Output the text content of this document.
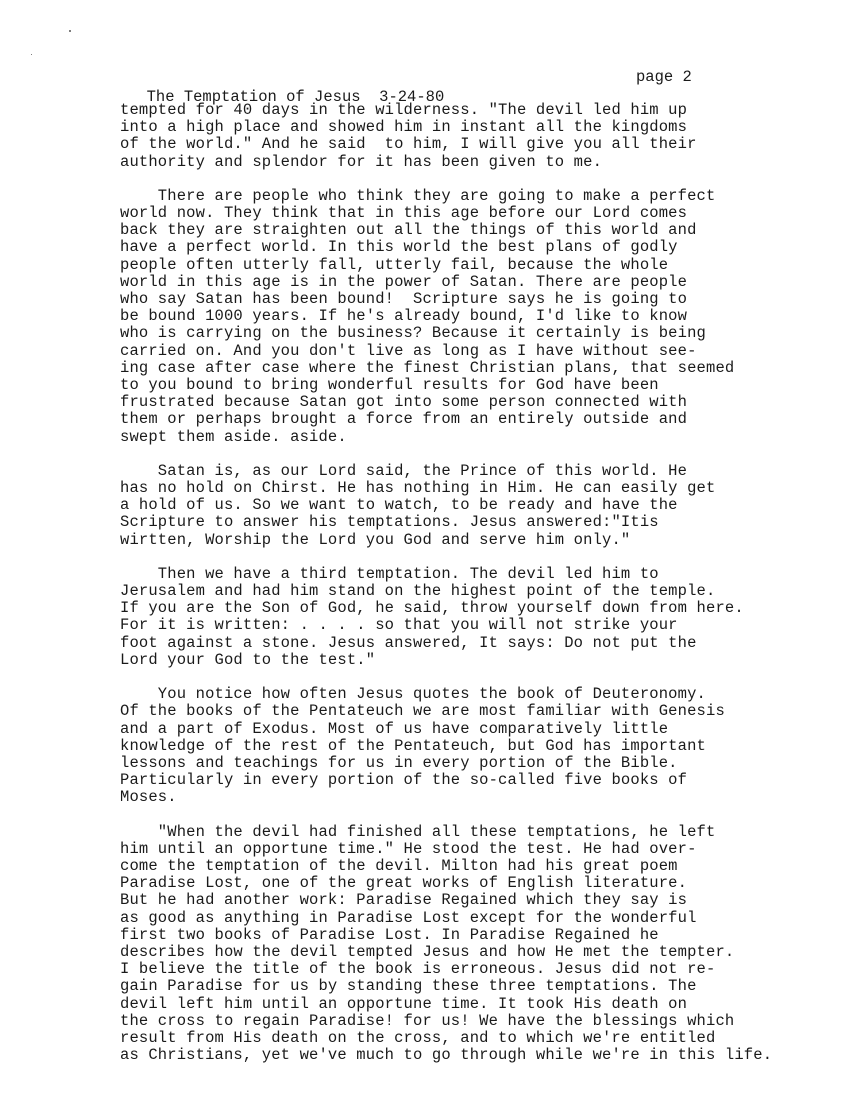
The Temptation of Jesus  3-24-80

page 2

tempted for 40 days in the wilderness. "The devil led him up
into a high place and showed him in instant all the kingdoms
of the world." And he said  to him, I will give you all their
authority and splendor for it has been given to me.
There are people who think they are going to make a perfect
world now. They think that in this age before our Lord comes
back they are straighten out all the things of this world and
have a perfect world. In this world the best plans of godly
people often utterly fall, utterly fail, because the whole
world in this age is in the power of Satan. There are people
who say Satan has been bound!  Scripture says he is going to
be bound 1000 years. If he's already bound, I'd like to know
who is carrying on the business? Because it certainly is being
carried on. And you don't live as long as I have without see-
ing case after case where the finest Christian plans, that seemed
to you bound to bring wonderful results for God have been
frustrated because Satan got into some person connected with
them or perhaps brought a force from an entirely outside and
swept them aside. aside.
Satan is, as our Lord said, the Prince of this world. He
has no hold on Chirst. He has nothing in Him. He can easily get
a hold of us. So we want to watch, to be ready and have the
Scripture to answer his temptations. Jesus answered:"Itis
wirtten, Worship the Lord you God and serve him only."
Then we have a third temptation. The devil led him to
Jerusalem and had him stand on the highest point of the temple.
If you are the Son of God, he said, throw yourself down from here.
For it is written: . . . . so that you will not strike your
foot against a stone. Jesus answered, It says: Do not put the
Lord your God to the test."
You notice how often Jesus quotes the book of Deuteronomy.
Of the books of the Pentateuch we are most familiar with Genesis
and a part of Exodus. Most of us have comparatively little
knowledge of the rest of the Pentateuch, but God has important
lessons and teachings for us in every portion of the Bible.
Particularly in every portion of the so-called five books of
Moses.
"When the devil had finished all these temptations, he left
him until an opportune time." He stood the test. He had over-
come the temptation of the devil. Milton had his great poem
Paradise Lost, one of the great works of English literature.
But he had another work: Paradise Regained which they say is
as good as anything in Paradise Lost except for the wonderful
first two books of Paradise Lost. In Paradise Regained he
describes how the devil tempted Jesus and how He met the tempter.
I believe the title of the book is erroneous. Jesus did not re-
gain Paradise for us by standing these three temptations. The
devil left him until an opportune time. It took His death on
the cross to regain Paradise! for us! We have the blessings which
result from His death on the cross, and to which we're entitled
as Christians, yet we've much to go through while we're in this life.
